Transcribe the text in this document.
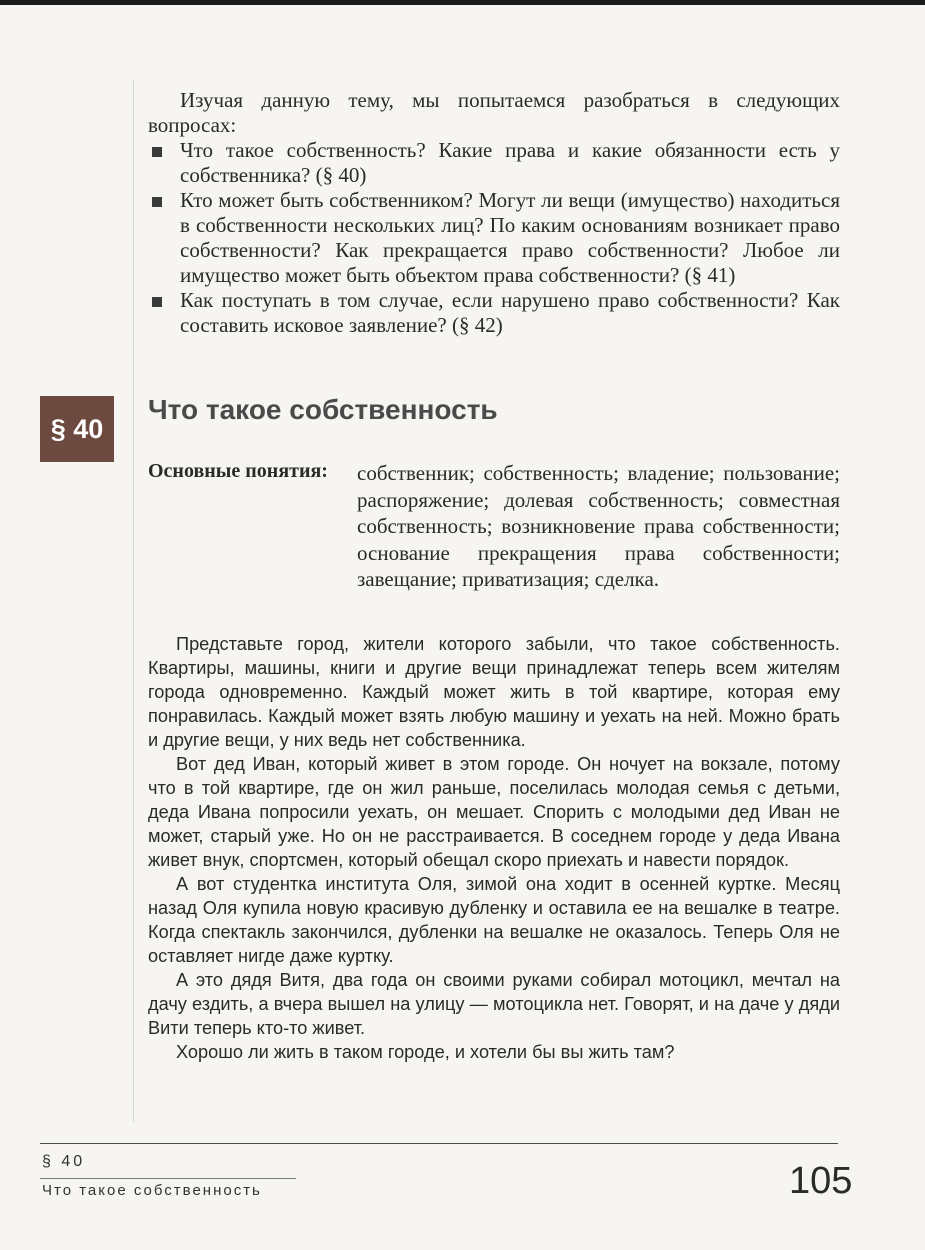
Изучая данную тему, мы попытаемся разобраться в следующих вопросах:

Что такое собственность? Какие права и какие обязанности есть у собственника? (§ 40)
Кто может быть собственником? Могут ли вещи (имущество) находиться в собственности нескольких лиц? По каким основаниям возникает право собственности? Как прекращается право собственности? Любое ли имущество может быть объектом права собственности? (§ 41)
Как поступать в том случае, если нарушено право собственности? Как составить исковое заявление? (§ 42)
§ 40
Что такое собственность
Основные понятия: собственник; собственность; владение; пользование; распоряжение; долевая собственность; совместная собственность; возникновение права собственности; основание прекращения права собственности; завещание; приватизация; сделка.

Представьте город, жители которого забыли, что такое собственность. Квартиры, машины, книги и другие вещи принадлежат теперь всем жителям города одновременно. Каждый может жить в той квартире, которая ему понравилась. Каждый может взять любую машину и уехать на ней. Можно брать и другие вещи, у них ведь нет собственника.

Вот дед Иван, который живет в этом городе. Он ночует на вокзале, потому что в той квартире, где он жил раньше, поселилась молодая семья с детьми, деда Ивана попросили уехать, он мешает. Спорить с молодыми дед Иван не может, старый уже. Но он не расстраивается. В соседнем городе у деда Ивана живет внук, спортсмен, который обещал скоро приехать и навести порядок.

А вот студентка института Оля, зимой она ходит в осенней куртке. Месяц назад Оля купила новую красивую дубленку и оставила ее на вешалке в театре. Когда спектакль закончился, дубленки на вешалке не оказалось. Теперь Оля не оставляет нигде даже куртку.

А это дядя Витя, два года он своими руками собирал мотоцикл, мечтал на дачу ездить, а вчера вышел на улицу — мотоцикла нет. Говорят, и на даче у дяди Вити теперь кто-то живет.

Хорошо ли жить в таком городе, и хотели бы вы жить там?

§ 40
Что такое собственность	105
